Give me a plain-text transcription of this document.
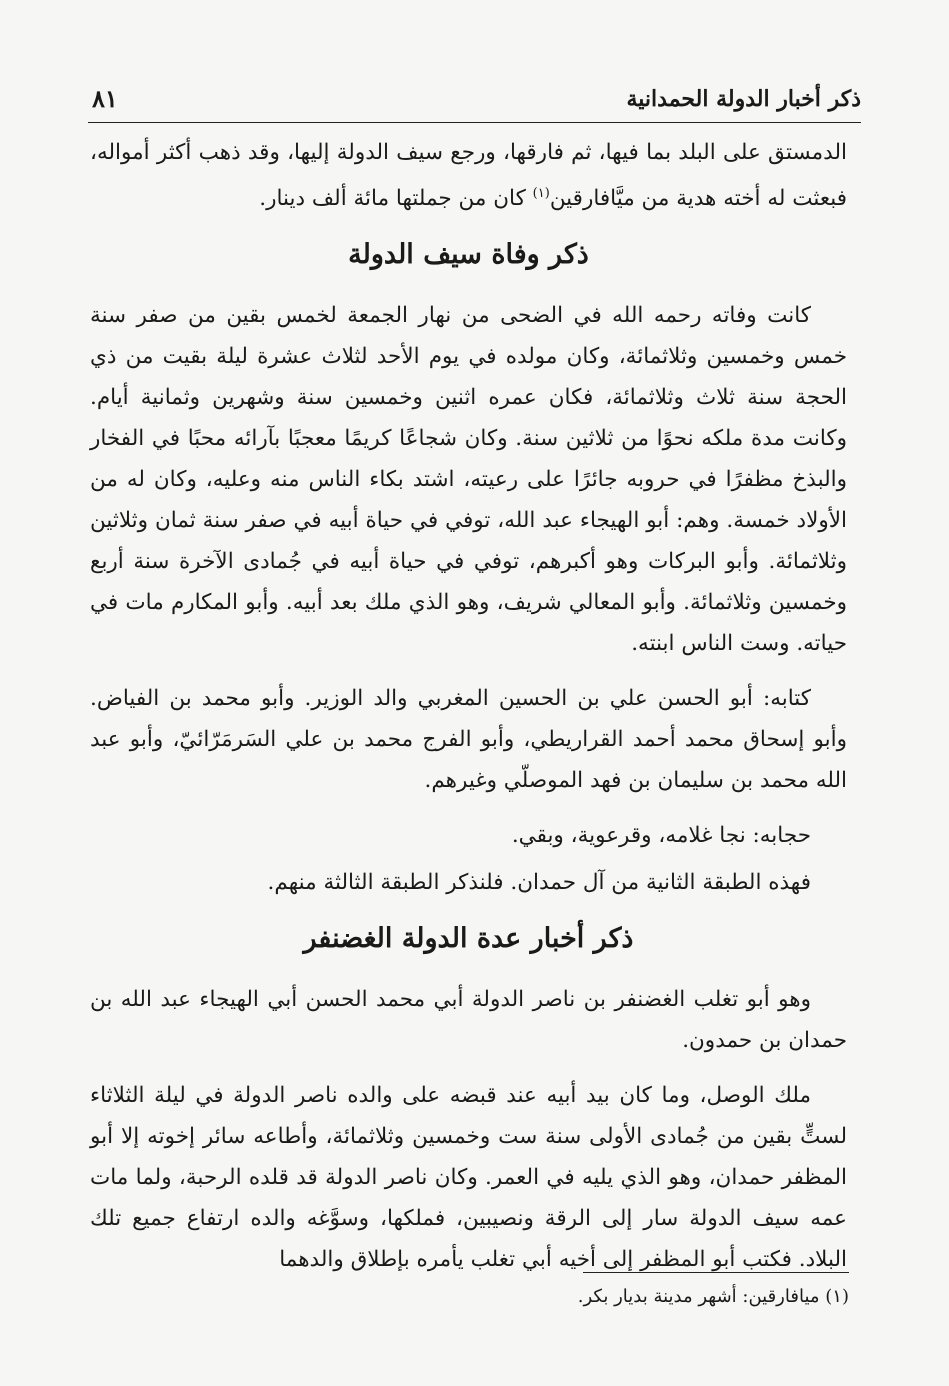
ذكر أخبار الدولة الحمدانية
٨١

الدمستق على البلد بما فيها، ثم فارقها، ورجع سيف الدولة إليها، وقد ذهب أكثر أمواله، فبعثت له أخته هدية من ميَّافارقين$^{(١)}$ كان من جملتها مائة ألف دينار.

ذكر وفاة سيف الدولة

كانت وفاته رحمه الله في الضحى من نهار الجمعة لخمس بقين من صفر سنة خمس وخمسين وثلاثمائة، وكان مولده في يوم الأحد لثلاث عشرة ليلة بقيت من ذي الحجة سنة ثلاث وثلاثمائة، فكان عمره اثنين وخمسين سنة وشهرين وثمانية أيام. وكانت مدة ملكه نحوًا من ثلاثين سنة. وكان شجاعًا كريمًا معجبًا بآرائه محبًا في الفخار والبذخ مظفرًا في حروبه جائرًا على رعيته، اشتد بكاء الناس منه وعليه، وكان له من الأولاد خمسة. وهم: أبو الهيجاء عبد الله، توفي في حياة أبيه في صفر سنة ثمان وثلاثين وثلاثمائة. وأبو البركات وهو أكبرهم، توفي في حياة أبيه في جُمادى الآخرة سنة أربع وخمسين وثلاثمائة. وأبو المعالي شريف، وهو الذي ملك بعد أبيه. وأبو المكارم مات في حياته. وست الناس ابنته.

كتابه: أبو الحسن علي بن الحسين المغربي والد الوزير. وأبو محمد بن الفياض. وأبو إسحاق محمد أحمد القراريطي، وأبو الفرج محمد بن علي السَرمَرّائيّ، وأبو عبد الله محمد بن سليمان بن فهد الموصلّي وغيرهم.

حجابه: نجا غلامه، وقرعوية، وبقي.

فهذه الطبقة الثانية من آل حمدان. فلنذكر الطبقة الثالثة منهم.

ذكر أخبار عدة الدولة الغضنفر

وهو أبو تغلب الغضنفر بن ناصر الدولة أبي محمد الحسن أبي الهيجاء عبد الله بن حمدان بن حمدون.

ملك الوصل، وما كان بيد أبيه عند قبضه على والده ناصر الدولة في ليلة الثلاثاء لستٍّ بقين من جُمادى الأولى سنة ست وخمسين وثلاثمائة، وأطاعه سائر إخوته إلا أبو المظفر حمدان، وهو الذي يليه في العمر. وكان ناصر الدولة قد قلده الرحبة، ولما مات عمه سيف الدولة سار إلى الرقة ونصيبين، فملكها، وسوَّغه والده ارتفاع جميع تلك البلاد. فكتب أبو المظفر إلى أخيه أبي تغلب يأمره بإطلاق والدهما

(١) ميافارقين: أشهر مدينة بديار بكر.
